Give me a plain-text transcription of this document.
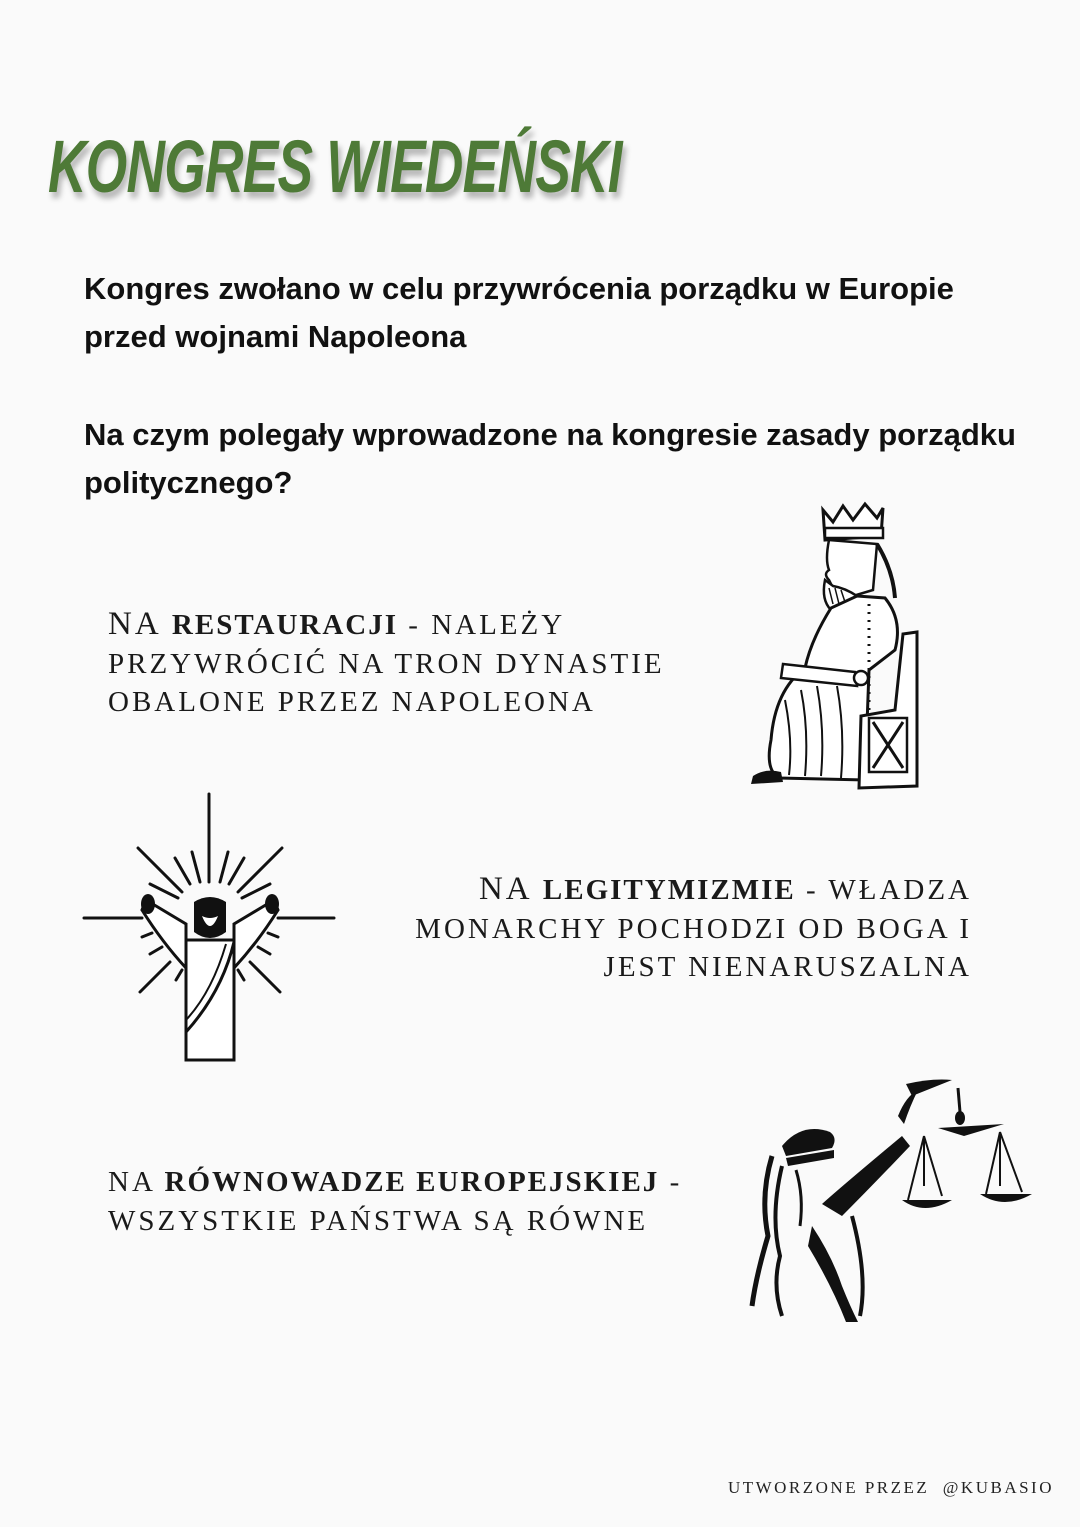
KONGRES WIEDEŃSKI

Kongres zwołano w celu przywrócenia porządku w Europie przed wojnami Napoleona

Na czym polegały wprowadzone na kongresie zasady porządku politycznego?

NA RESTAURACJI - NALEŻY PRZYWRÓCIĆ NA TRON DYNASTIE OBALONE PRZEZ NAPOLEONA
NA LEGITYMIZMIE - WŁADZA MONARCHY POCHODZI OD BOGA I JEST NIENARUSZALNA
NA RÓWNOWADZE EUROPEJSKIEJ -
WSZYSTKIE PAŃSTWA SĄ RÓWNE
UTWORZONE PRZEZ @KUBASIO
